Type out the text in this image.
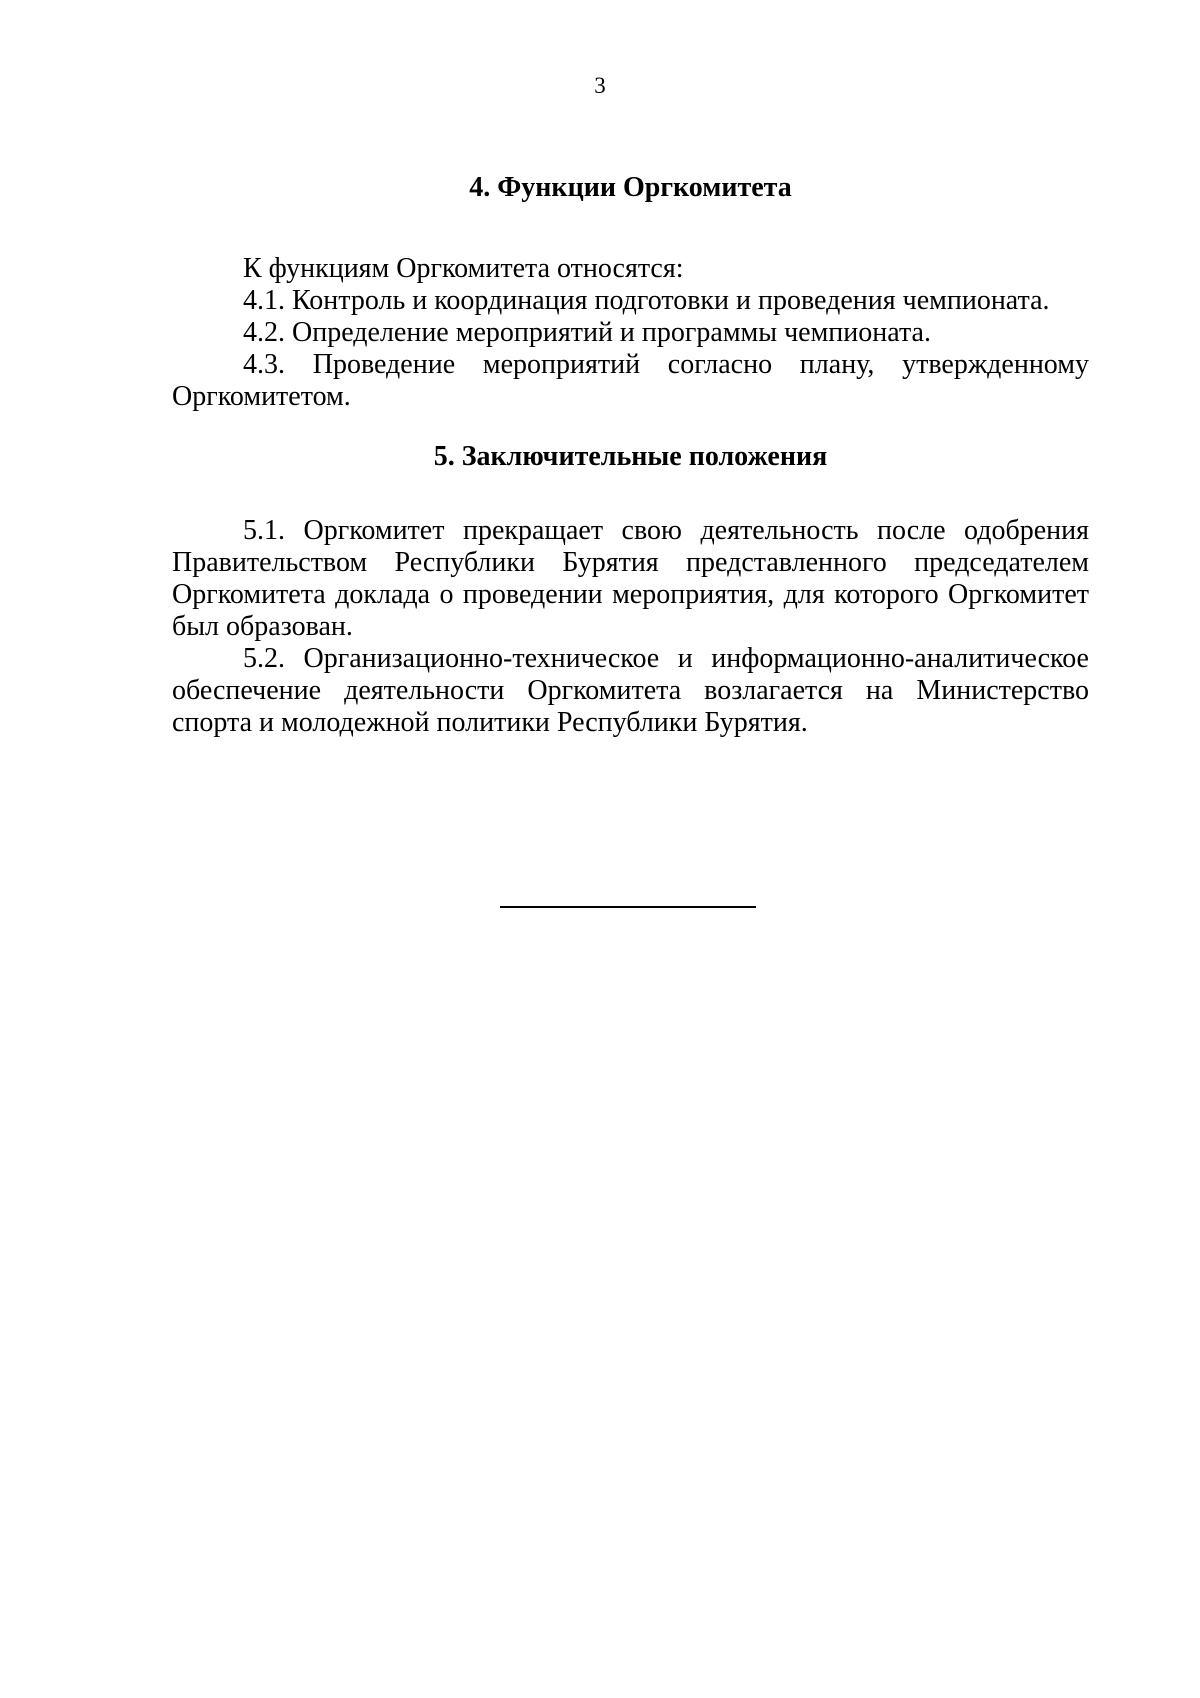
3
4. Функции Оргкомитета

К функциям Оргкомитета относятся:

4.1. Контроль и координация подготовки и проведения чемпионата.

4.2. Определение мероприятий и программы чемпионата.

4.3. Проведение мероприятий согласно плану, утвержденному Оргкомитетом.

5. Заключительные положения

5.1. Оргкомитет прекращает свою деятельность после одобрения Правительством Республики Бурятия представленного председателем Оргкомитета доклада о проведении мероприятия, для которого Оргкомитет был образован.

5.2. Организационно-техническое и информационно-аналитическое обеспечение деятельности Оргкомитета возлагается на Министерство спорта и молодежной политики Республики Бурятия.
